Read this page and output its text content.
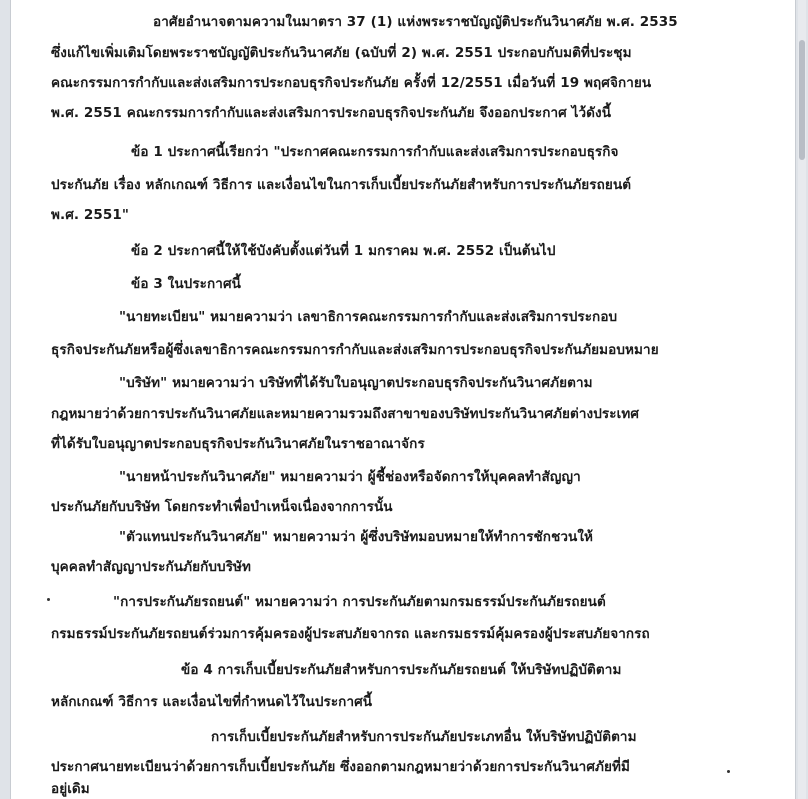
อาศัยอำนาจตามความในมาตรา 37 (1) แห่งพระราชบัญญัติประกันวินาศภัย พ.ศ. 2535
ซึ่งแก้ไขเพิ่มเติมโดยพระราชบัญญัติประกันวินาศภัย (ฉบับที่ 2) พ.ศ. 2551 ประกอบกับมติที่ประชุม
คณะกรรมการกำกับและส่งเสริมการประกอบธุรกิจประกันภัย ครั้งที่ 12/2551 เมื่อวันที่ 19 พฤศจิกายน
พ.ศ. 2551 คณะกรรมการกำกับและส่งเสริมการประกอบธุรกิจประกันภัย จึงออกประกาศ ไว้ดังนี้
ข้อ 1 ประกาศนี้เรียกว่า "ประกาศคณะกรรมการกำกับและส่งเสริมการประกอบธุรกิจ
ประกันภัย เรื่อง หลักเกณฑ์ วิธีการ และเงื่อนไขในการเก็บเบี้ยประกันภัยสำหรับการประกันภัยรถยนต์
พ.ศ. 2551"
ข้อ 2 ประกาศนี้ให้ใช้บังคับตั้งแต่วันที่ 1 มกราคม พ.ศ. 2552 เป็นต้นไป
ข้อ 3 ในประกาศนี้
"นายทะเบียน" หมายความว่า เลขาธิการคณะกรรมการกำกับและส่งเสริมการประกอบ
ธุรกิจประกันภัยหรือผู้ซึ่งเลขาธิการคณะกรรมการกำกับและส่งเสริมการประกอบธุรกิจประกันภัยมอบหมาย
"บริษัท" หมายความว่า บริษัทที่ได้รับใบอนุญาตประกอบธุรกิจประกันวินาศภัยตาม
กฎหมายว่าด้วยการประกันวินาศภัยและหมายความรวมถึงสาขาของบริษัทประกันวินาศภัยต่างประเทศ
ที่ได้รับใบอนุญาตประกอบธุรกิจประกันวินาศภัยในราชอาณาจักร
"นายหน้าประกันวินาศภัย" หมายความว่า ผู้ชี้ช่องหรือจัดการให้บุคคลทำสัญญา
ประกันภัยกับบริษัท โดยกระทำเพื่อบำเหน็จเนื่องจากการนั้น
"ตัวแทนประกันวินาศภัย" หมายความว่า ผู้ซึ่งบริษัทมอบหมายให้ทำการชักชวนให้
บุคคลทำสัญญาประกันภัยกับบริษัท
"การประกันภัยรถยนต์" หมายความว่า การประกันภัยตามกรมธรรม์ประกันภัยรถยนต์
กรมธรรม์ประกันภัยรถยนต์ร่วมการคุ้มครองผู้ประสบภัยจากรถ และกรมธรรม์คุ้มครองผู้ประสบภัยจากรถ
ข้อ 4 การเก็บเบี้ยประกันภัยสำหรับการประกันภัยรถยนต์ ให้บริษัทปฏิบัติตาม
หลักเกณฑ์ วิธีการ และเงื่อนไขที่กำหนดไว้ในประกาศนี้
การเก็บเบี้ยประกันภัยสำหรับการประกันภัยประเภทอื่น ให้บริษัทปฏิบัติตาม
ประกาศนายทะเบียนว่าด้วยการเก็บเบี้ยประกันภัย ซึ่งออกตามกฎหมายว่าด้วยการประกันวินาศภัยที่มี
อยู่เดิม
